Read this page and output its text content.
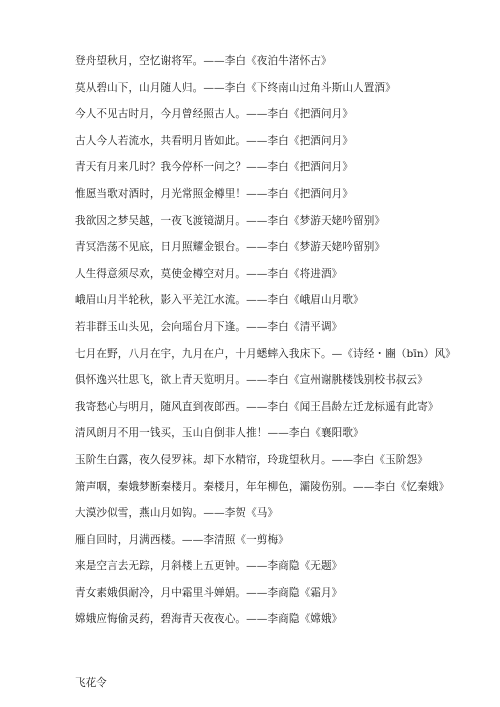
登舟望秋月，空忆谢将军。——李白《夜泊牛渚怀古》
莫从碧山下，山月随人归。——李白《下终南山过角斗斯山人置酒》
今人不见古时月，今月曾经照古人。——李白《把酒问月》
古人今人若流水，共看明月皆如此。——李白《把酒问月》
青天有月来几时？我今停杯一问之？——李白《把酒问月》
惟愿当歌对酒时，月光常照金樽里！——李白《把酒问月》
我欲因之梦吴越，一夜飞渡镜湖月。——李白《梦游天姥吟留别》
青冥浩荡不见底，日月照耀金银台。——李白《梦游天姥吟留别》
人生得意须尽欢，莫使金樽空对月。——李白《将进酒》
峨眉山月半轮秋，影入平羌江水流。——李白《峨眉山月歌》
若非群玉山头见，会向瑶台月下逢。——李白《清平调》
七月在野，八月在宇，九月在户，十月蟋蟀入我床下。—《诗经・豳（bīn）风》
俱怀逸兴壮思飞，欲上青天览明月。——李白《宣州谢朓楼饯别校书叔云》
我寄愁心与明月，随风直到夜郎西。——李白《闻王昌龄左迁龙标遥有此寄》
清风朗月不用一钱买，玉山自倒非人推！——李白《襄阳歌》
玉阶生白露，夜久侵罗袜。却下水精帘，玲珑望秋月。——李白《玉阶怨》
箫声咽，秦娥梦断秦楼月。秦楼月，年年柳色，灞陵伤别。——李白《忆秦娥》
大漠沙似雪，燕山月如钩。——李贺《马》
雁自回时，月满西楼。——李清照《一剪梅》
来是空言去无踪，月斜楼上五更钟。——李商隐《无题》
青女素娥俱耐冷，月中霜里斗婵娟。——李商隐《霜月》
嫦娥应悔偷灵药，碧海青天夜夜心。——李商隐《嫦娥》
飞花令
